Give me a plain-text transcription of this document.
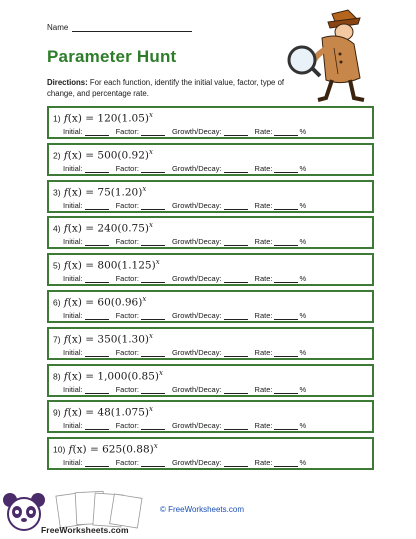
Name
Parameter Hunt
Directions: For each function, identify the initial value, factor, type of change, and percentage rate.
1) $f(x) = 120(1.05)^x$
Initial:	Factor:	Growth/Decay:	Rate:	%
2) $f(x) = 500(0.92)^x$
Initial:	Factor:	Growth/Decay:	Rate:	%
3) $f(x) = 75(1.20)^x$
Initial:	Factor:	Growth/Decay:	Rate:	%
4) $f(x) = 240(0.75)^x$
Initial:	Factor:	Growth/Decay:	Rate:	%
5) $f(x) = 800(1.125)^x$
Initial:	Factor:	Growth/Decay:	Rate:	%
6) $f(x) = 60(0.96)^x$
Initial:	Factor:	Growth/Decay:	Rate:	%
7) $f(x) = 350(1.30)^x$
Initial:	Factor:	Growth/Decay:	Rate:	%
8) $f(x) = 1,000(0.85)^x$
Initial:	Factor:	Growth/Decay:	Rate:	%
9) $f(x) = 48(1.075)^x$
Initial:	Factor:	Growth/Decay:	Rate:	%
10) $f(x) = 625(0.88)^x$
Initial:	Factor:	Growth/Decay:	Rate:	%
FreeWorksheets.com
© FreeWorksheets.com
